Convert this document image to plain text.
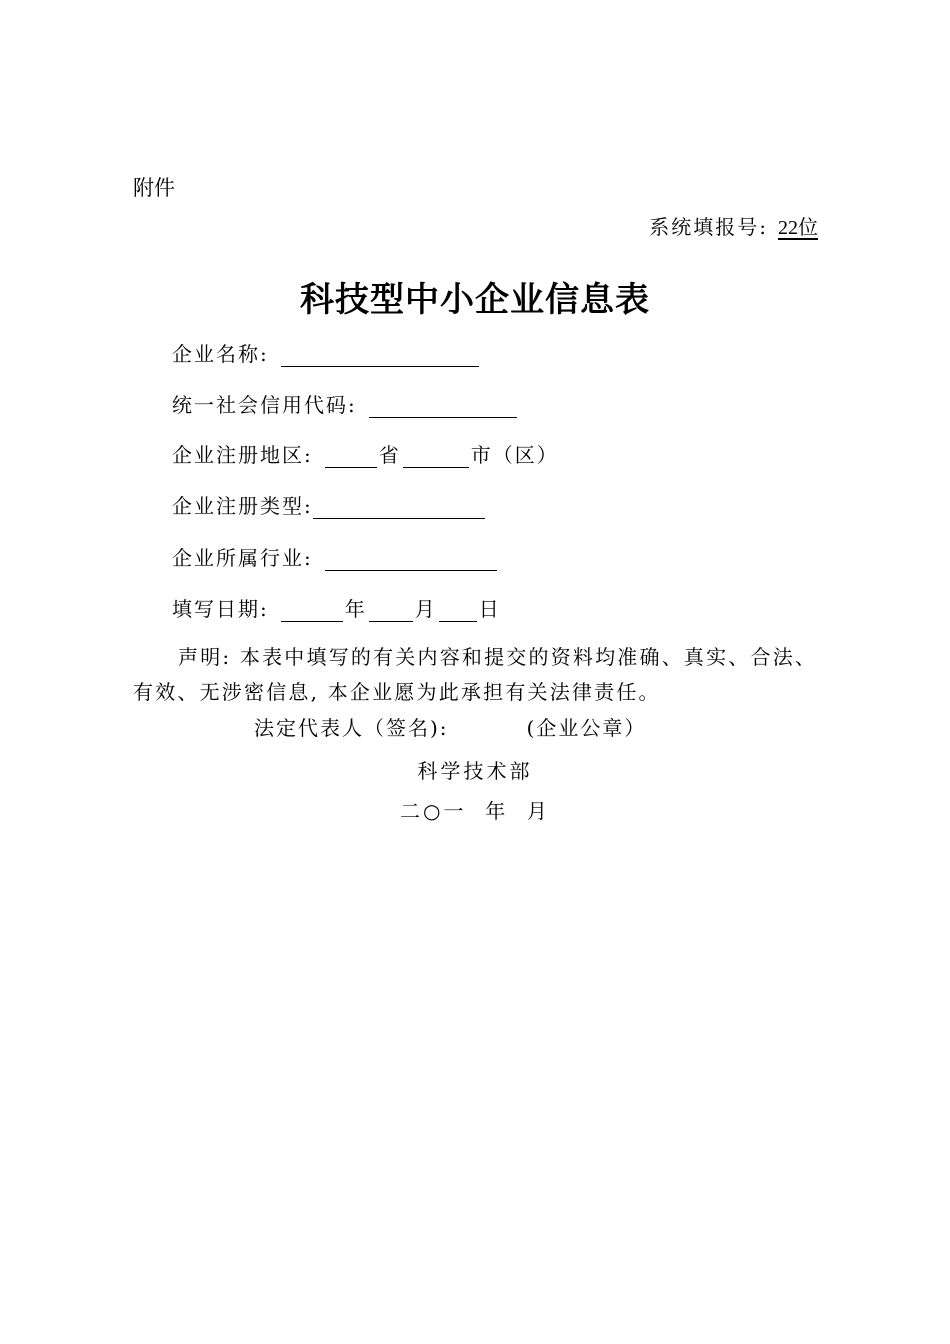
附件
系统填报号: 22位
科技型中小企业信息表
企业名称:
统一社会信用代码:
企业注册地区:	省	市（区）
企业注册类型:
企业所属行业:
填写日期:	年 月 日
声明: 本表中填写的有关内容和提交的资料均准确、真实、合法、有效、无涉密信息, 本企业愿为此承担有关法律责任。
法定代表人（签名):	(企业公章）
科学技术部
二○一  年  月
